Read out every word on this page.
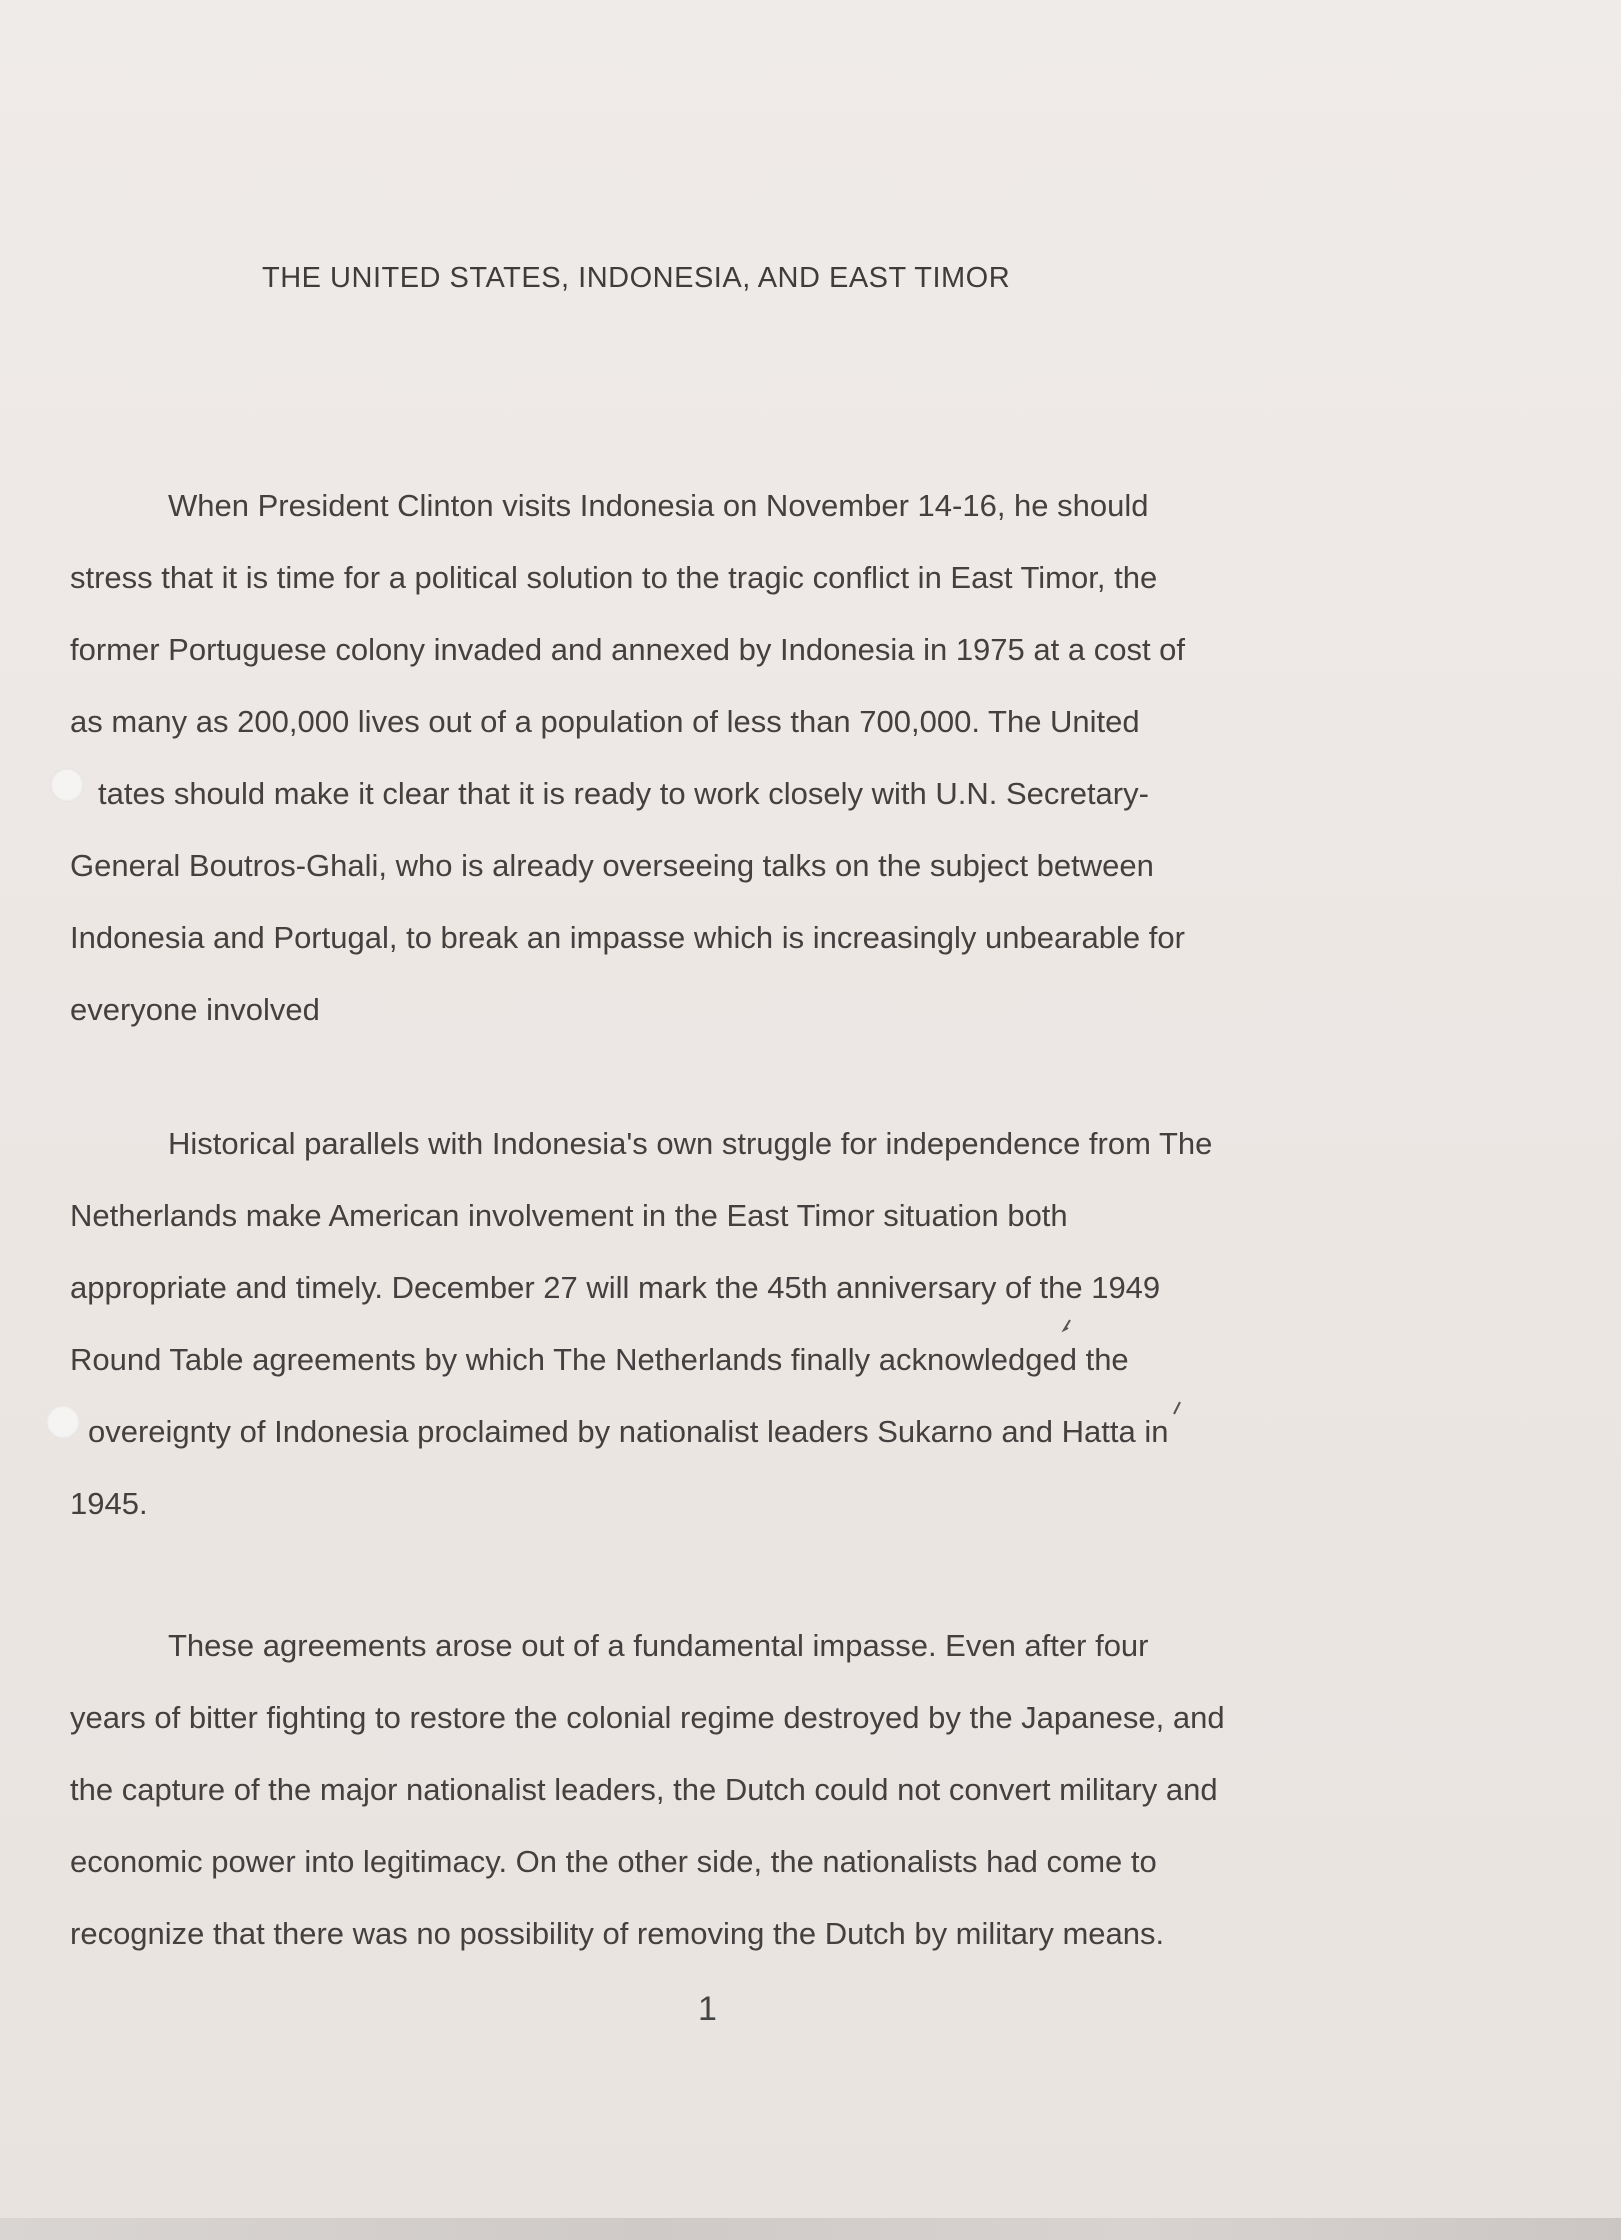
THE UNITED STATES, INDONESIA, AND EAST TIMOR
When President Clinton visits Indonesia on November 14-16, he should
stress that it is time for a political solution to the tragic conflict in East Timor, the
former Portuguese colony invaded and annexed by Indonesia in 1975 at a cost of
as many as 200,000 lives out of a population of less than 700,000. The United
tates should make it clear that it is ready to work closely with U.N. Secretary-
General Boutros-Ghali, who is already overseeing talks on the subject between
Indonesia and Portugal, to break an impasse which is increasingly unbearable for
everyone involved
Historical parallels with Indonesia's own struggle for independence from The
Netherlands make American involvement in the East Timor situation both
appropriate and timely. December 27 will mark the 45th anniversary of the 1949
Round Table agreements by which The Netherlands finally acknowledged the
overeignty of Indonesia proclaimed by nationalist leaders Sukarno and Hatta in
1945.
These agreements arose out of a fundamental impasse. Even after four
years of bitter fighting to restore the colonial regime destroyed by the Japanese, and
the capture of the major nationalist leaders, the Dutch could not convert military and
economic power into legitimacy. On the other side, the nationalists had come to
recognize that there was no possibility of removing the Dutch by military means.
1
